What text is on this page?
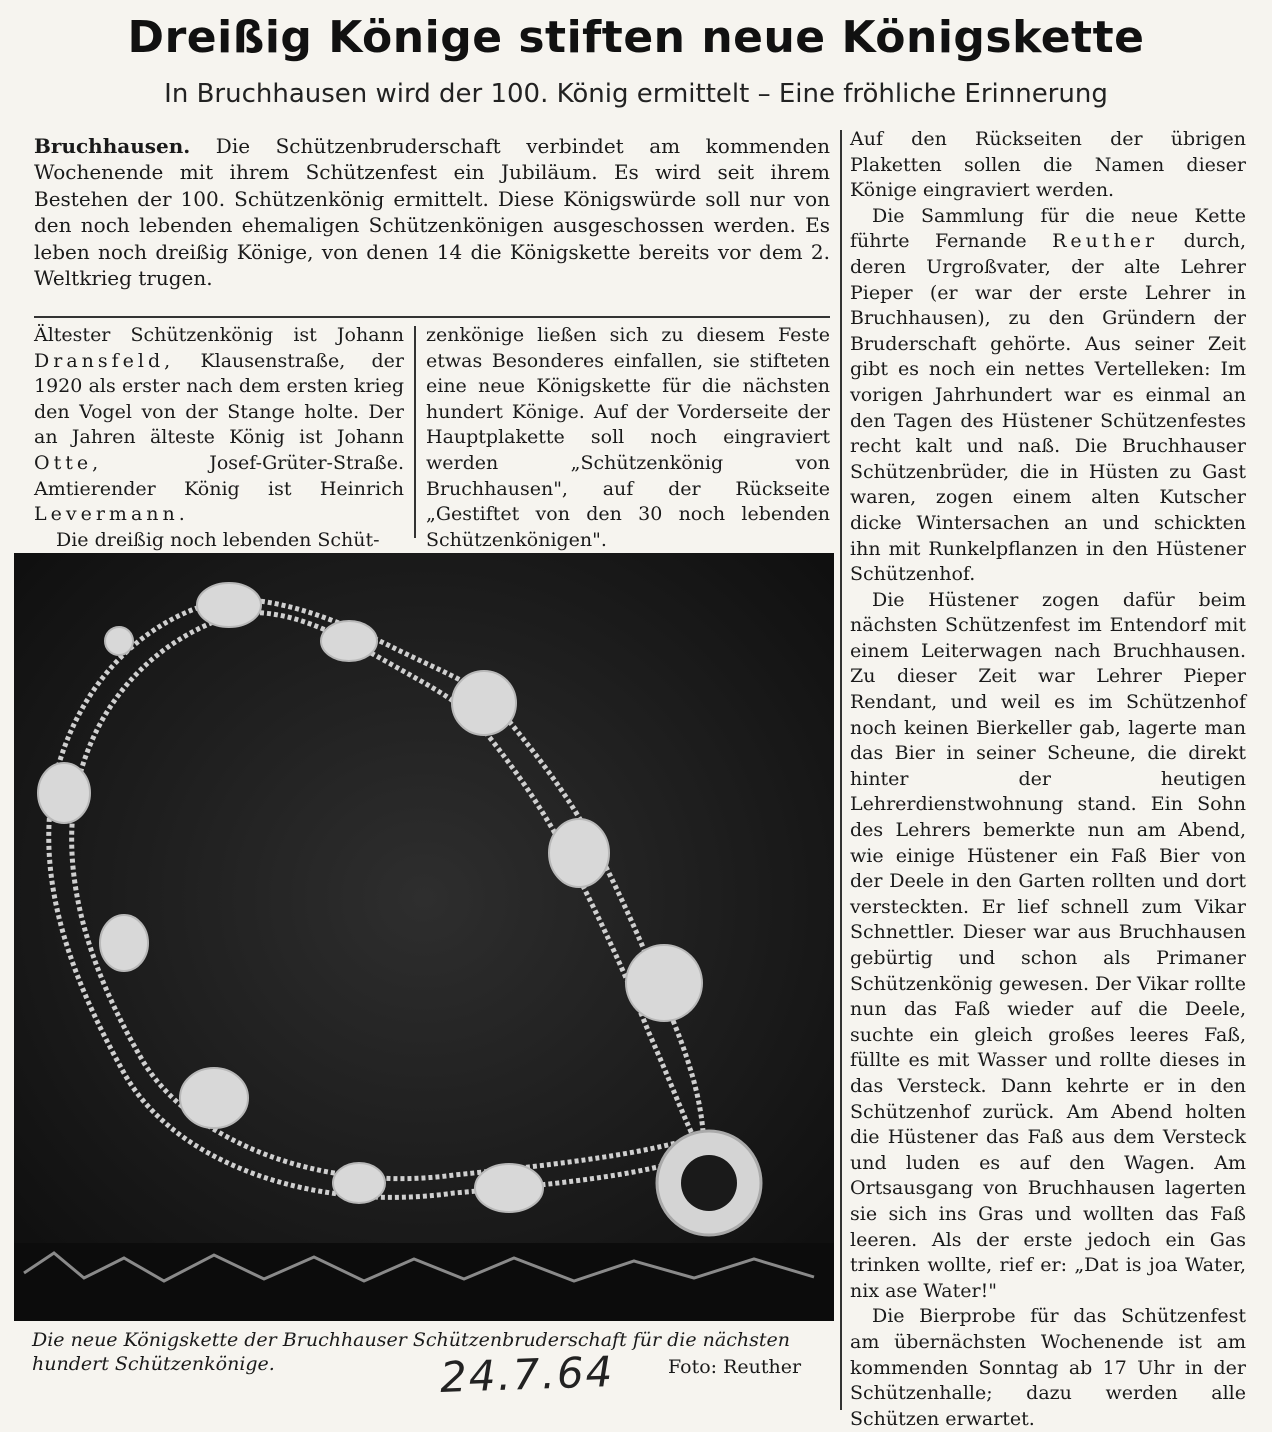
Dreißig Könige stiften neue Königskette
In Bruchhausen wird der 100. König ermittelt – Eine fröhliche Erinnerung

Bruchhausen. Die Schützenbruderschaft verbindet am kommenden Wochenende mit ihrem Schützenfest ein Jubiläum. Es wird seit ihrem Bestehen der 100. Schützenkönig ermittelt. Diese Königswürde soll nur von den noch lebenden ehemaligen Schützenkönigen ausgeschossen werden. Es leben noch dreißig Könige, von denen 14 die Königskette bereits vor dem 2. Weltkrieg trugen.

Ältester Schützenkönig ist Johann Dransfeld, Klausenstraße, der 1920 als erster nach dem ersten krieg den Vogel von der Stange holte. Der an Jahren älteste König ist Johann Otte,	Josef-Grüter-Straße. Amtierender König ist Heinrich Levermann.

Die dreißig noch lebenden Schüt-

zenkönige ließen sich zu diesem Feste etwas Besonderes einfallen, sie stifteten eine neue Königskette für die nächsten hundert Könige. Auf der Vorderseite der Hauptplakette soll noch eingraviert werden „Schützenkönig von Bruchhausen", auf der Rückseite „Gestiftet von den 30 noch lebenden Schützenkönigen".

Auf den Rückseiten der übrigen Plaketten sollen die Namen dieser Könige eingraviert werden.

Die Sammlung für die neue Kette führte Fernande Reuther durch, deren Urgroßvater, der alte Lehrer Pieper (er war der erste Lehrer in Bruchhausen), zu den Gründern der Bruderschaft gehörte. Aus seiner Zeit gibt es noch ein nettes Vertelleken: Im vorigen Jahrhundert war es einmal an den Tagen des Hüstener Schützenfestes recht kalt und naß. Die Bruchhauser Schützenbrüder, die in Hüsten zu Gast waren, zogen einem alten Kutscher dicke Wintersachen an und schickten ihn mit Runkelpflanzen in den Hüstener Schützenhof.

Die Hüstener zogen dafür beim nächsten Schützenfest im Entendorf mit einem Leiterwagen nach Bruchhausen. Zu dieser Zeit war Lehrer Pieper Rendant, und weil es im Schützenhof noch keinen Bierkeller gab, lagerte man das Bier in seiner Scheune, die direkt hinter der heutigen Lehrerdienstwohnung stand. Ein Sohn des Lehrers bemerkte nun am Abend, wie einige Hüstener ein Faß Bier von der Deele in den Garten rollten und dort versteckten. Er lief schnell zum Vikar Schnettler. Dieser war aus Bruchhausen gebürtig und schon als Primaner Schützenkönig gewesen. Der Vikar rollte nun das Faß wieder auf die Deele, suchte ein gleich großes leeres Faß, füllte es mit Wasser und rollte dieses in das Versteck. Dann kehrte er in den Schützenhof zurück. Am Abend holten die Hüstener das Faß aus dem Versteck und luden es auf den Wagen. Am Ortsausgang von Bruchhausen lagerten sie sich ins Gras und wollten das Faß leeren. Als der erste jedoch ein Gas trinken wollte, rief er: „Dat is joa Water, nix ase Water!"

Die Bierprobe für das Schützenfest am übernächsten Wochenende ist am kommenden Sonntag ab 17 Uhr in der Schützenhalle; dazu werden alle Schützen erwartet.

Die neue Königskette der Bruchhauser Schützenbruderschaft für die nächsten hundert Schützenkönige.	Foto: Reuther
24.7.64
